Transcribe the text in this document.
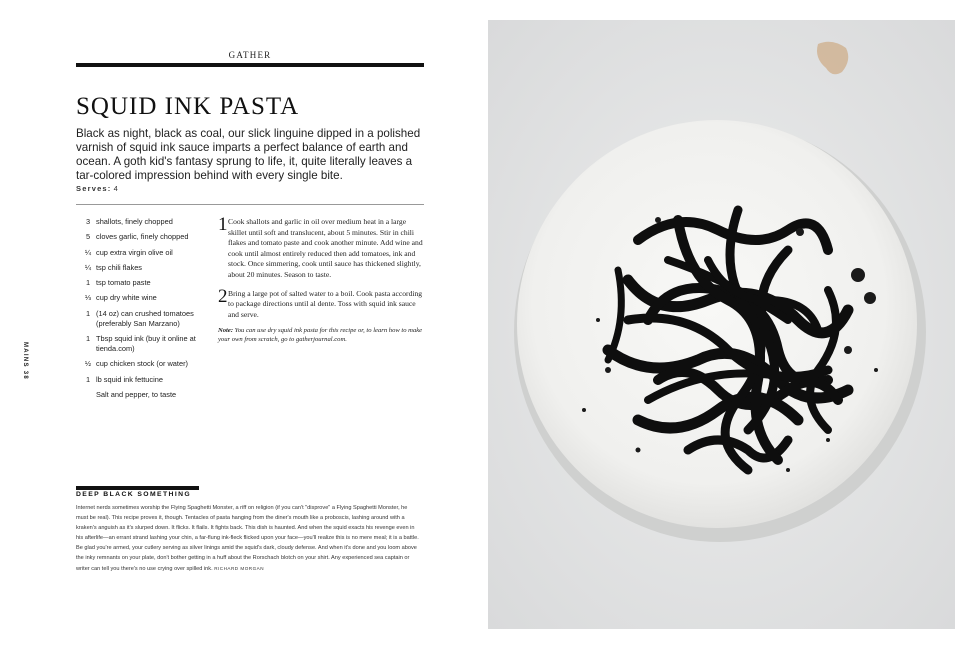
GATHER
SQUID INK PASTA

Black as night, black as coal, our slick linguine dipped in a polished varnish of squid ink sauce imparts a perfect balance of earth and ocean. A goth kid's fantasy sprung to life, it, quite literally leaves a tar-colored impression behind with every single bite.

Serves: 4
3 shallots, finely chopped
5 cloves garlic, finely chopped
¼ cup extra virgin olive oil
¼ tsp chili flakes
1 tsp tomato paste
⅓ cup dry white wine
1 (14 oz) can crushed tomatoes (preferably San Marzano)
1 Tbsp squid ink (buy it online at tienda.com)
½ cup chicken stock (or water)
1 lb squid ink fettucine
Salt and pepper, to taste
1 Cook shallots and garlic in oil over medium heat in a large skillet until soft and translucent, about 5 minutes. Stir in chili flakes and tomato paste and cook another minute. Add wine and cook until almost entirely reduced then add tomatoes, ink and stock. Once simmering, cook until sauce has thickened slightly, about 20 minutes. Season to taste.
2 Bring a large pot of salted water to a boil. Cook pasta according to package directions until al dente. Toss with squid ink sauce and serve.
Note: You can use dry squid ink pasta for this recipe or, to learn how to make your own from scratch, go to gatherjournal.com.
MAINS 38
DEEP BLACK SOMETHING
Internet nerds sometimes worship the Flying Spaghetti Monster, a riff on religion (if you can't "disprove" a Flying Spaghetti Monster, he must be real). This recipe proves it, though. Tentacles of pasta hanging from the diner's mouth like a proboscis, lashing around with a kraken's anguish as it's slurped down. It flicks. It flails. It fights back. This dish is haunted. And when the squid exacts his revenge even in his afterlife—an errant strand lashing your chin, a far-flung ink-fleck flicked upon your face—you'll realize this is no mere meal; it is a battle. Be glad you're armed, your cutlery serving as silver linings amid the squid's dark, cloudy defense. And when it's done and you loom above the inky remnants on your plate, don't bother getting in a huff about the Rorschach blotch on your shirt. Any experienced sea captain or writer can tell you there's no use crying over spilled ink. RICHARD MORGAN
